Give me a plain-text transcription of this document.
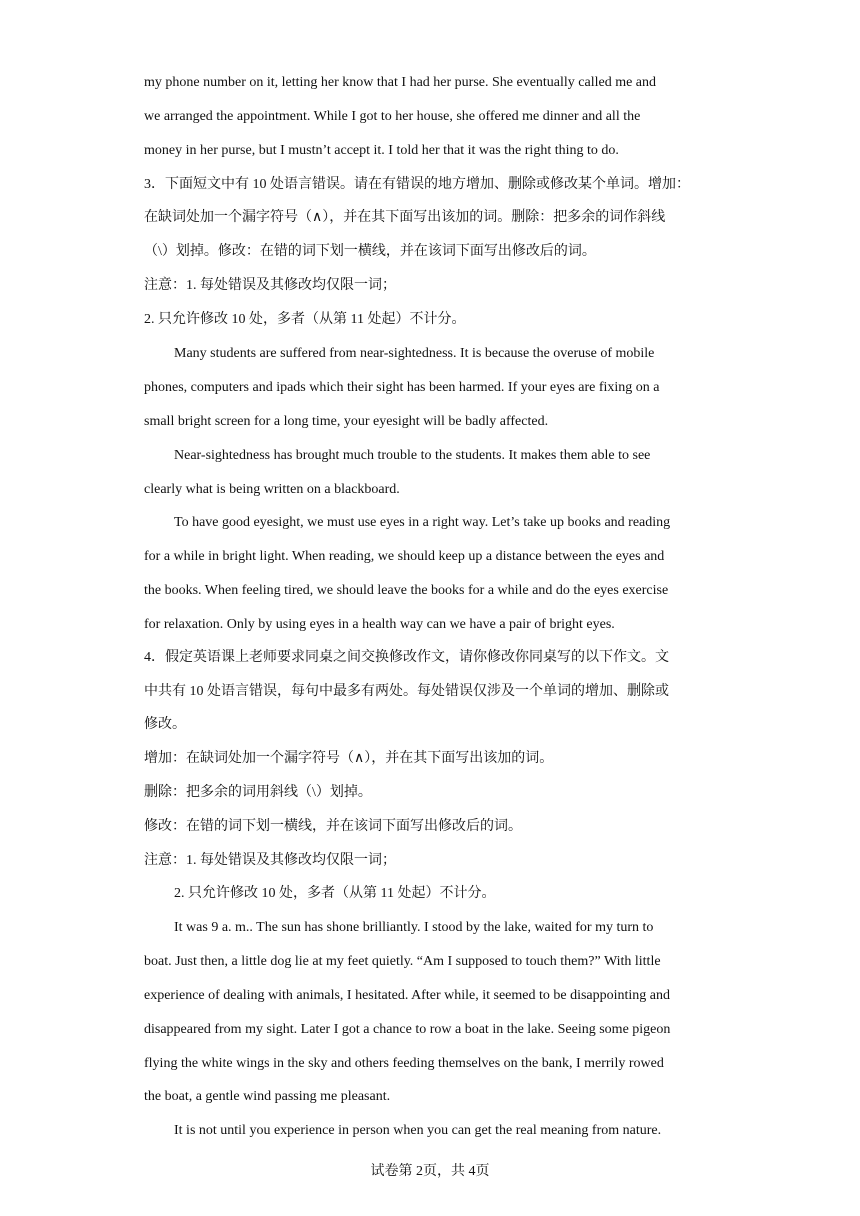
my phone number on it, letting her know that I had her purse. She eventually called me and
we arranged the appointment. While I got to her house, she offered me dinner and all the
money in her purse, but I mustn’t accept it. I told her that it was the right thing to do.
3．下面短文中有 10 处语言错误。请在有错误的地方增加、删除或修改某个单词。增加：
在缺词处加一个漏字符号（∧），并在其下面写出该加的词。删除：把多余的词作斜线
（\）划掉。修改：在错的词下划一横线，并在该词下面写出修改后的词。
注意：1. 每处错误及其修改均仅限一词；
2. 只允许修改 10 处，多者（从第 11 处起）不计分。
Many students are suffered from near-sightedness. It is because the overuse of mobile
phones, computers and ipads which their sight has been harmed. If your eyes are fixing on a
small bright screen for a long time, your eyesight will be badly affected.
Near-sightedness has brought much trouble to the students. It makes them able to see
clearly what is being written on a blackboard.
To have good eyesight, we must use eyes in a right way. Let’s take up books and reading
for a while in bright light. When reading, we should keep up a distance between the eyes and
the books. When feeling tired, we should leave the books for a while and do the eyes exercise
for relaxation. Only by using eyes in a health way can we have a pair of bright eyes.
4．假定英语课上老师要求同桌之间交换修改作文，请你修改你同桌写的以下作文。文
中共有 10 处语言错误，每句中最多有两处。每处错误仅涉及一个单词的增加、删除或
修改。
增加：在缺词处加一个漏字符号（∧），并在其下面写出该加的词。
删除：把多余的词用斜线（\）划掉。
修改：在错的词下划一横线，并在该词下面写出修改后的词。
注意：1. 每处错误及其修改均仅限一词；
2. 只允许修改 10 处，多者（从第 11 处起）不计分。
It was 9 a. m.. The sun has shone brilliantly. I stood by the lake, waited for my turn to
boat. Just then, a little dog lie at my feet quietly. “Am I supposed to touch them?” With little
experience of dealing with animals, I hesitated. After while, it seemed to be disappointing and
disappeared from my sight. Later I got a chance to row a boat in the lake. Seeing some pigeon
flying the white wings in the sky and others feeding themselves on the bank, I merrily rowed
the boat, a gentle wind passing me pleasant.
It is not until you experience in person when you can get the real meaning from nature.
试卷第 2页，共 4页
